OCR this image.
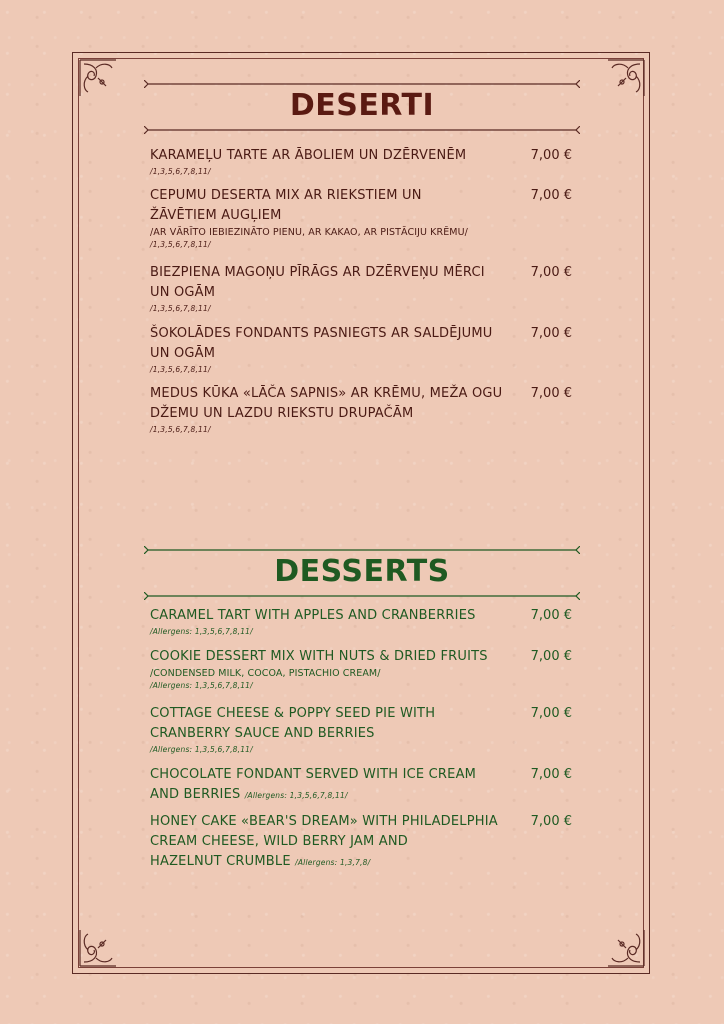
DESERTI
KARAMEĻU TARTE AR ĀBOLIEM UN DZĒRVENĒM
/1,3,5,6,7,8,11/
7,00 €
CEPUMU DESERTA MIX AR RIEKSTIEM UN
ŽĀVĒTIEM AUGĻIEM
/AR VĀRĪTO IEBIEZINĀTO PIENU, AR KAKAO, AR PISTĀCIJU KRĒMU/
/1,3,5,6,7,8,11/
7,00 €
BIEZPIENA MAGOŅU PĪRĀGS AR DZĒRVEŅU MĒRCI
UN OGĀM
/1,3,5,6,7,8,11/
7,00 €
ŠOKOLĀDES FONDANTS PASNIEGTS AR SALDĒJUMU
UN OGĀM
/1,3,5,6,7,8,11/
7,00 €
MEDUS KŪKA «LĀČA SAPNIS» AR KRĒMU, MEŽA OGU
DŽEMU UN LAZDU RIEKSTU DRUPAČĀM
/1,3,5,6,7,8,11/
7,00 €
DESSERTS
CARAMEL TART WITH APPLES AND CRANBERRIES
/Allergens: 1,3,5,6,7,8,11/
7,00 €
COOKIE DESSERT MIX WITH NUTS & DRIED FRUITS
/CONDENSED MILK, COCOA, PISTACHIO CREAM/
/Allergens: 1,3,5,6,7,8,11/
7,00 €
COTTAGE CHEESE & POPPY SEED PIE WITH
CRANBERRY SAUCE AND BERRIES
/Allergens: 1,3,5,6,7,8,11/
7,00 €
CHOCOLATE FONDANT SERVED WITH ICE CREAM
AND BERRIES /Allergens: 1,3,5,6,7,8,11/
7,00 €
HONEY CAKE «BEAR'S DREAM» WITH PHILADELPHIA
CREAM CHEESE, WILD BERRY JAM AND
HAZELNUT CRUMBLE /Allergens: 1,3,7,8/
7,00 €
